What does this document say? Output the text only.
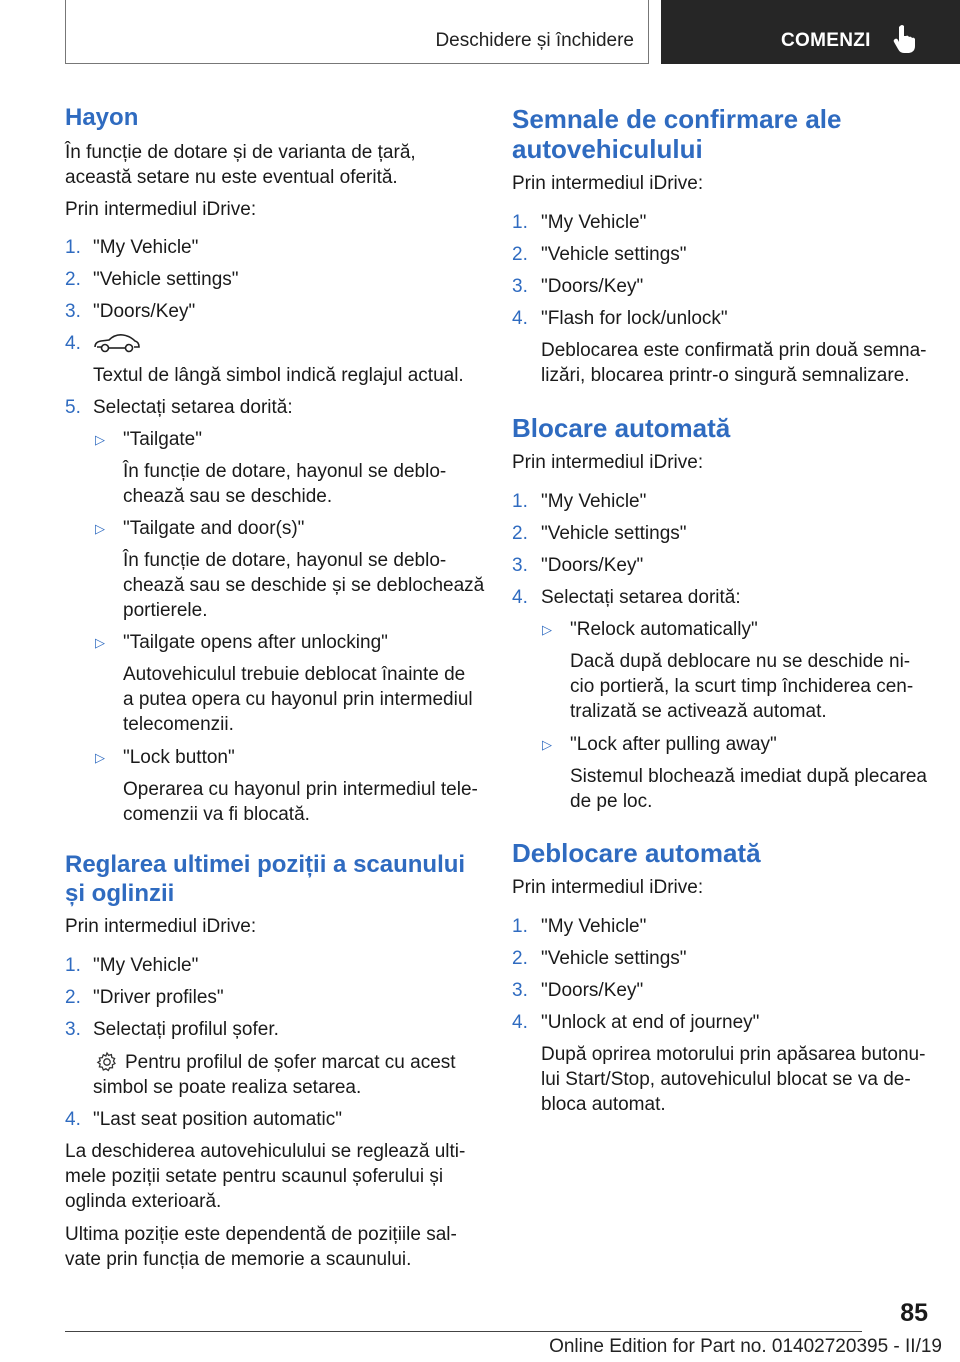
Deschidere și închidere	COMENZI
Hayon

În funcție de dotare și de varianta de țară,

această setare nu este eventual oferită.

Prin intermediul iDrive:

1. "My Vehicle"

2. "Vehicle settings"

3. "Doors/Key"

4.

Textul de lângă simbol indică reglajul actual.

5. Selectați setarea dorită:

▷ "Tailgate"

În funcție de dotare, hayonul se deblo-

chează sau se deschide.

▷ "Tailgate and door(s)"

În funcție de dotare, hayonul se deblo-

chează sau se deschide și se deblochează

portierele.

▷ "Tailgate opens after unlocking"

Autovehiculul trebuie deblocat înainte de

a putea opera cu hayonul prin intermediul

telecomenzii.

▷ "Lock button"

Operarea cu hayonul prin intermediul tele-

comenzii va fi blocată.

Reglarea ultimei poziții a scaunului
și oglinzii

Prin intermediul iDrive:

1. "My Vehicle"

2. "Driver profiles"

3. Selectați profilul șofer.

Pentru profilul de șofer marcat cu acest

simbol se poate realiza setarea.

4. "Last seat position automatic"

La deschiderea autovehiculului se reglează ulti-

mele poziții setate pentru scaunul șoferului și

oglinda exterioară.

Ultima poziție este dependentă de pozițiile sal-

vate prin funcția de memorie a scaunului.

Semnale de confirmare ale
autovehiculului

Prin intermediul iDrive:

1. "My Vehicle"

2. "Vehicle settings"

3. "Doors/Key"

4. "Flash for lock/unlock"

Deblocarea este confirmată prin două semna-

lizări, blocarea printr-o singură semnalizare.

Blocare automată

Prin intermediul iDrive:

1. "My Vehicle"

2. "Vehicle settings"

3. "Doors/Key"

4. Selectați setarea dorită:

▷ "Relock automatically"

Dacă după deblocare nu se deschide ni-

cio portieră, la scurt timp închiderea cen-

tralizată se activează automat.

▷ "Lock after pulling away"

Sistemul blochează imediat după plecarea

de pe loc.

Deblocare automată

Prin intermediul iDrive:

1. "My Vehicle"

2. "Vehicle settings"

3. "Doors/Key"

4. "Unlock at end of journey"

După oprirea motorului prin apăsarea butonu-

lui Start/Stop, autovehiculul blocat se va de-

bloca automat.

85
Online Edition for Part no. 01402720395 - II/19
